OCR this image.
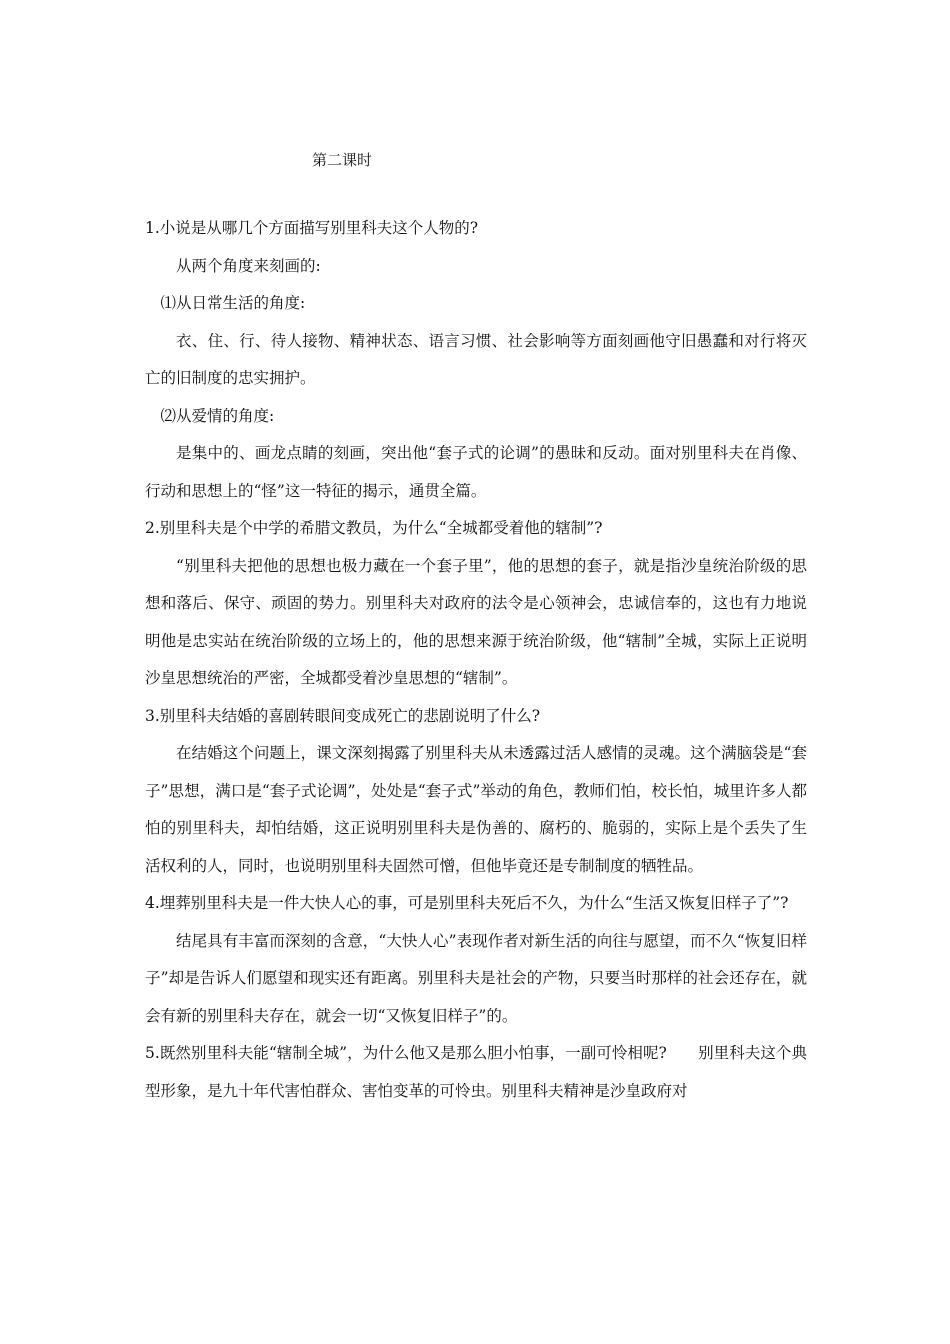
第二课时

1.小说是从哪几个方面描写别里科夫这个人物的?

从两个角度来刻画的:

⑴从日常生活的角度:

衣、住、行、待人接物、精神状态、语言习惯、社会影响等方面刻画他守旧愚蠢和对行将灭亡的旧制度的忠实拥护。

⑵从爱情的角度:

是集中的、画龙点睛的刻画，突出他“套子式的论调”的愚昧和反动。面对别里科夫在肖像、行动和思想上的“怪”这一特征的揭示，通贯全篇。

2.别里科夫是个中学的希腊文教员，为什么“全城都受着他的辖制”?

“别里科夫把他的思想也极力藏在一个套子里”，他的思想的套子，就是指沙皇统治阶级的思想和落后、保守、顽固的势力。别里科夫对政府的法令是心领神会，忠诚信奉的，这也有力地说明他是忠实站在统治阶级的立场上的，他的思想来源于统治阶级，他“辖制”全城，实际上正说明沙皇思想统治的严密，全城都受着沙皇思想的“辖制”。

3.别里科夫结婚的喜剧转眼间变成死亡的悲剧说明了什么?

在结婚这个问题上，课文深刻揭露了别里科夫从未透露过活人感情的灵魂。这个满脑袋是“套子”思想，满口是“套子式论调”，处处是“套子式”举动的角色，教师们怕，校长怕，城里许多人都怕的别里科夫，却怕结婚，这正说明别里科夫是伪善的、腐朽的、脆弱的，实际上是个丢失了生活权利的人，同时，也说明别里科夫固然可憎，但他毕竟还是专制制度的牺牲品。

4.埋葬别里科夫是一件大快人心的事，可是别里科夫死后不久，为什么“生活又恢复旧样子了”?

结尾具有丰富而深刻的含意，“大快人心”表现作者对新生活的向往与愿望，而不久“恢复旧样子”却是告诉人们愿望和现实还有距离。别里科夫是社会的产物，只要当时那样的社会还存在，就会有新的别里科夫存在，就会一切“又恢复旧样子”的。

5.既然别里科夫能“辖制全城”，为什么他又是那么胆小怕事，一副可怜相呢?　　别里科夫这个典型形象，是九十年代害怕群众、害怕变革的可怜虫。别里科夫精神是沙皇政府对
